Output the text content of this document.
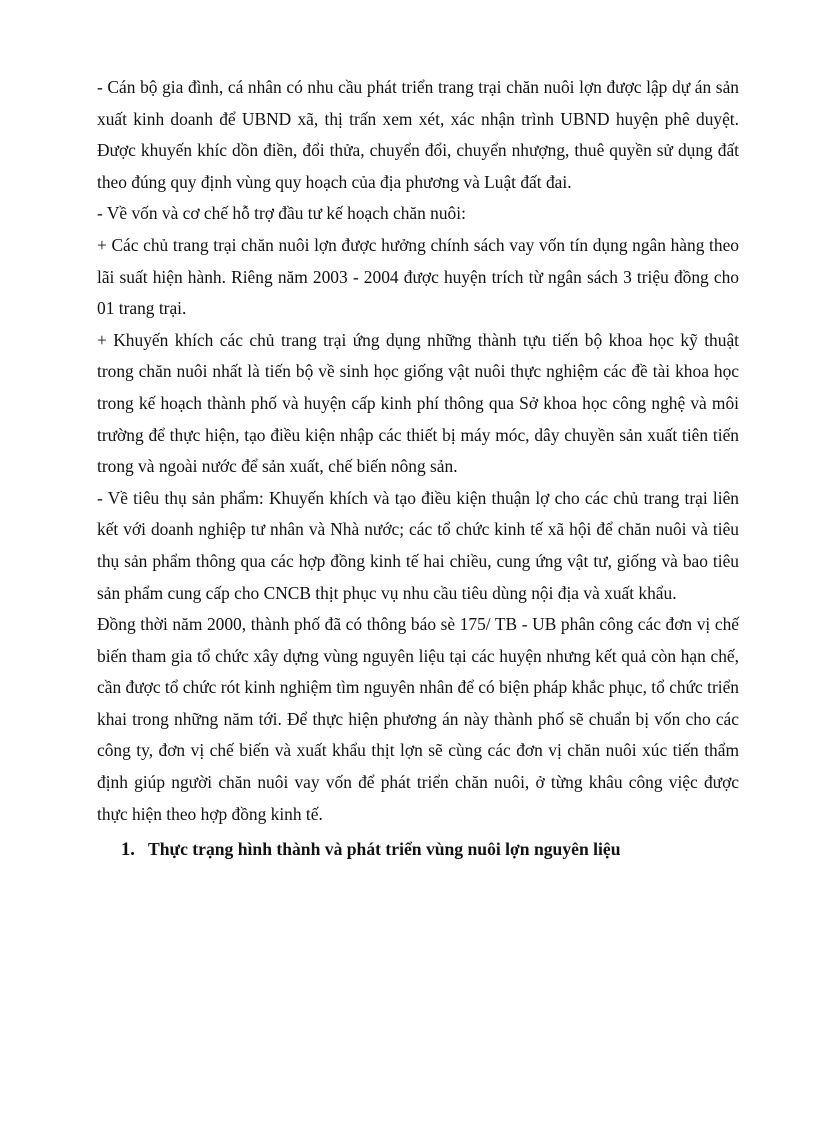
- Cán bộ gia đình, cá nhân có nhu cầu phát triển trang trại chăn nuôi lợn được lập dự án sản xuất kinh doanh để UBND xã, thị trấn xem xét, xác nhận trình UBND huyện phê duyệt. Được khuyến khíc dồn điền, đổi thửa, chuyển đổi, chuyển nhượng, thuê quyền sử dụng đất theo đúng quy định vùng quy hoạch của địa phương và Luật đất đai.

- Về vốn và cơ chế hỗ trợ đầu tư kế hoạch chăn nuôi:

+ Các chủ trang trại chăn nuôi lợn được hưởng chính sách vay vốn tín dụng ngân hàng theo lãi suất hiện hành. Riêng năm 2003 - 2004 được huyện trích từ ngân sách 3 triệu đồng cho 01 trang trại.

+ Khuyến khích các chủ trang trại ứng dụng những thành tựu tiến bộ khoa học kỹ thuật trong chăn nuôi nhất là tiến bộ về sinh học giống vật nuôi thực nghiệm các đề tài khoa học trong kế hoạch thành phố và huyện cấp kinh phí thông qua Sở khoa học công nghệ và môi trường để thực hiện, tạo điều kiện nhập các thiết bị máy móc, dây chuyền sản xuất tiên tiến trong và ngoài nước để sản xuất, chế biến nông sản.

- Về tiêu thụ sản phẩm: Khuyến khích và tạo điều kiện thuận lợ cho các chủ trang trại liên kết với doanh nghiệp tư nhân và Nhà nước; các tổ chức kinh tế xã hội để chăn nuôi và tiêu thụ sản phẩm thông qua các hợp đồng kinh tế hai chiều, cung ứng vật tư, giống và bao tiêu sản phẩm cung cấp cho CNCB thịt phục vụ nhu cầu tiêu dùng nội địa và xuất khẩu.

Đồng thời năm 2000, thành phố đã có thông báo sè 175/ TB - UB phân công các đơn vị chế biến tham gia tổ chức xây dựng vùng nguyên liệu tại các huyện nhưng kết quả còn hạn chế, cần được tổ chức rót kinh nghiệm tìm nguyên nhân để có biện pháp khắc phục, tổ chức triển khai trong những năm tới. Để thực hiện phương án này thành phố sẽ chuẩn bị vốn cho các công ty, đơn vị chế biến và xuất khẩu thịt lợn sẽ cùng các đơn vị chăn nuôi xúc tiến thẩm định giúp người chăn nuôi vay vốn để phát triển chăn nuôi, ở từng khâu công việc được thực hiện theo hợp đồng kinh tế.

1. Thực trạng hình thành và phát triển vùng nuôi lợn nguyên liệu
